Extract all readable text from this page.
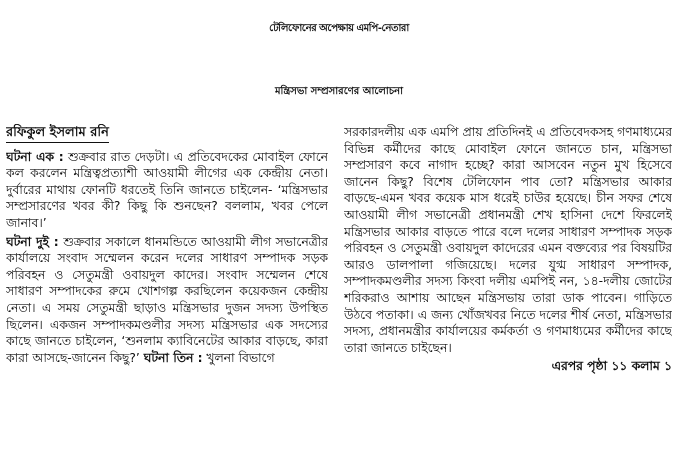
টেলিফোনের অপেক্ষায় এমপি-নেতারা
মন্ত্রিসভা সম্প্রসারণের আলোচনা
রফিকুল ইসলাম রনি

ঘটনা এক : শুক্রবার রাত দেড়টা। এ প্রতিবেদকের মোবাইল ফোনে কল করলেন মন্ত্রিত্বপ্রত্যাশী আওয়ামী লীগের এক কেন্দ্রীয় নেতা। দুর্বারের মাথায় ফোনটি ধরতেই তিনি জানতে চাইলেন- ‘মন্ত্রিসভার সম্প্রসারণের খবর কী? কিছু কি শুনছেন? বললাম, খবর পেলে জানাব।’

ঘটনা দুই : শুক্রবার সকালে ধানমন্ডিতে আওয়ামী লীগ সভানেত্রীর কার্যালয়ে সংবাদ সম্মেলন করেন দলের সাধারণ সম্পাদক সড়ক পরিবহন ও সেতুমন্ত্রী ওবায়দুল কাদের। সংবাদ সম্মেলন শেষে সাধারণ সম্পাদকের রুমে খোশগল্প করছিলেন কয়েকজন কেন্দ্রীয় নেতা। এ সময় সেতুমন্ত্রী ছাড়াও মন্ত্রিসভার দুজন সদস্য উপস্থিত ছিলেন। একজন সম্পাদকমণ্ডলীর সদস্য মন্ত্রিসভার এক সদস্যের কাছে জানতে চাইলেন, ‘শুনলাম ক্যাবিনেটের আকার বাড়ছে, কারা কারা আসছে-জানেন কিছু?’ ঘটনা তিন : খুলনা বিভাগে

সরকারদলীয় এক এমপি প্রায় প্রতিদিনই এ প্রতিবেদকসহ গণমাধ্যমের বিভিন্ন কর্মীদের কাছে মোবাইল ফোনে জানতে চান, মন্ত্রিসভা সম্প্রসারণ কবে নাগাদ হচ্ছে? কারা আসবেন নতুন মুখ হিসেবে জানেন কিছু? বিশেষ টেলিফোন পাব তো? মন্ত্রিসভার আকার বাড়ছে-এমন খবর কয়েক মাস ধরেই চাউর হয়েছে। চীন সফর শেষে আওয়ামী লীগ সভানেত্রী প্রধানমন্ত্রী শেখ হাসিনা দেশে ফিরলেই মন্ত্রিসভার আকার বাড়তে পারে বলে দলের সাধারণ সম্পাদক সড়ক পরিবহন ও সেতুমন্ত্রী ওবায়দুল কাদেরের এমন বক্তব্যের পর বিষয়টির আরও ডালপালা গজিয়েছে। দলের যুগ্ম সাধারণ সম্পাদক, সম্পাদকমণ্ডলীর সদস্য কিংবা দলীয় এমপিই নন, ১৪-দলীয় জোটের শরিকরাও আশায় আছেন মন্ত্রিসভায় তারা ডাক পাবেন। গাড়িতে উঠবে পতাকা। এ জন্য খোঁজখবর নিতে দলের শীর্ষ নেতা, মন্ত্রিসভার সদস্য, প্রধানমন্ত্রীর কার্যালয়ের কর্মকর্তা ও গণমাধ্যমের কর্মীদের কাছে তারা জানতে চাইছেন।

এরপর পৃষ্ঠা ১১ কলাম ১
